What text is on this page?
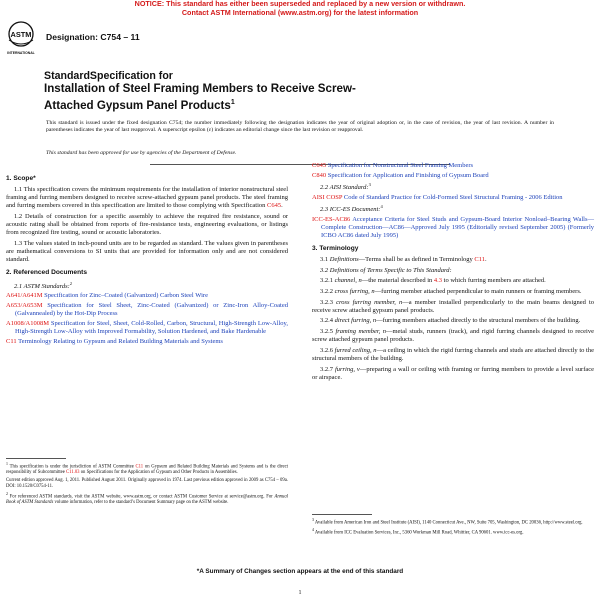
NOTICE: This standard has either been superseded and replaced by a new version or withdrawn.
Contact ASTM International (www.astm.org) for the latest information
ASTM
INTERNATIONAL
Designation: C754 – 11
StandardSpecification for
Installation of Steel Framing Members to Receive Screw-
Attached Gypsum Panel Products$^1$
This standard is issued under the fixed designation C754; the number immediately following the designation indicates the year of original adoption or, in the case of revision, the year of last revision. A number in parentheses indicates the year of last reapproval. A superscript epsilon (ε) indicates an editorial change since the last revision or reapproval.
This standard has been approved for use by agencies of the Department of Defense.

1. Scope*

1.1 This specification covers the minimum requirements for the installation of interior nonstructural steel framing and furring members designed to receive screw-attached gypsum panel products. The steel framing and furring members covered in this specification are limited to those complying with Specification C645.

1.2 Details of construction for a specific assembly to achieve the required fire resistance, sound or acoustic rating shall be obtained from reports of fire-resistance tests, engineering evaluations, or listings from recognized fire testing, sound or acoustic laboratories.

1.3 The values stated in inch-pound units are to be regarded as standard. The values given in parentheses are mathematical conversions to SI units that are provided for information only and are not considered standard.

2. Referenced Documents

2.1 ASTM Standards:$^2$

A641/A641M Specification for Zinc–Coated (Galvanized) Carbon Steel Wire

A653/A653M Specification for Steel Sheet, Zinc-Coated (Galvanized) or Zinc-Iron Alloy-Coated (Galvannealed) by the Hot-Dip Process

A1008/A1008M Specification for Steel, Sheet, Cold-Rolled, Carbon, Structural, High-Strength Low-Alloy, High-Strength Low-Alloy with Improved Formability, Solution Hardened, and Bake Hardenable

C11 Terminology Relating to Gypsum and Related Building Materials and Systems

C645 Specification for Nonstructural Steel Framing Members

C840 Specification for Application and Finishing of Gypsum Board

2.2 AISI Standard:$^3$

AISI COSP Code of Standard Practice for Cold-Formed Steel Structural Framing - 2006 Edition

2.3 ICC-ES Document:$^4$

ICC-ES-AC86 Acceptance Criteria for Steel Studs and Gypsum-Board Interior Nonload–Bearing Walls—Complete Construction—AC86—Approved July 1995 (Editorially revised September 2005) (Formerly ICBO AC86 dated July 1995)

3. Terminology

3.1 Definitions—Terms shall be as defined in Terminology C11.

3.2 Definitions of Terms Specific to This Standard:

3.2.1 channel, n—the material described in 4.3 to which furring members are attached.

3.2.2 cross furring, n—furring member attached perpendicular to main runners or framing members.

3.2.3 cross furring member, n—a member installed perpendicularly to the main beams designed to receive screw attached gypsum panel products.

3.2.4 direct furring, n—furring members attached directly to the structural members of the building.

3.2.5 framing member, n—metal studs, runners (track), and rigid furring channels designed to receive screw attached gypsum panel products.

3.2.6 furred ceiling, n—a ceiling in which the rigid furring channels and studs are attached directly to the structural members of the building.

3.2.7 furring, v—preparing a wall or ceiling with framing or furring members to provide a level surface or airspace.

$^1$ This specification is under the jurisdiction of ASTM Committee C11 on Gypsum and Related Building Materials and Systems and is the direct responsibility of Subcommittee C11.03 on Specifications for the Application of Gypsum and Other Products in Assemblies.

Current edition approved Aug. 1, 2011. Published August 2011. Originally approved in 1974. Last previous edition approved in 2009 as C754 – 09a. DOI: 10.1520/C0754-11.

$^2$ For referenced ASTM standards, visit the ASTM website, www.astm.org, or contact ASTM Customer Service at service@astm.org. For Annual Book of ASTM Standards volume information, refer to the standard’s Document Summary page on the ASTM website.

$^3$ Available from American Iron and Steel Institute (AISI), 1140 Connecticut Ave., NW, Suite 705, Washington, DC 20036, http://www.steel.org.

$^4$ Available from ICC Evaluation Services, Inc., 5360 Workman Mill Road, Whittier, CA 90601. www.icc-es.org.

*A Summary of Changes section appears at the end of this standard
1
